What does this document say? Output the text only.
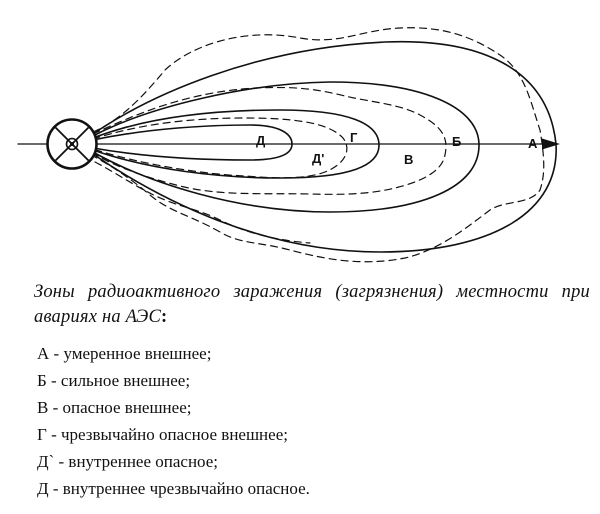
А
Б
В
Г
Д'
Д
Зоны радиоактивного заражения (загрязнения) местности при авариях на АЭС:
А - умеренное внешнее;
Б - сильное внешнее;
В - опасное внешнее;
Г - чрезвычайно опасное внешнее;
Д` - внутреннее опасное;
Д - внутреннее чрезвычайно опасное.
